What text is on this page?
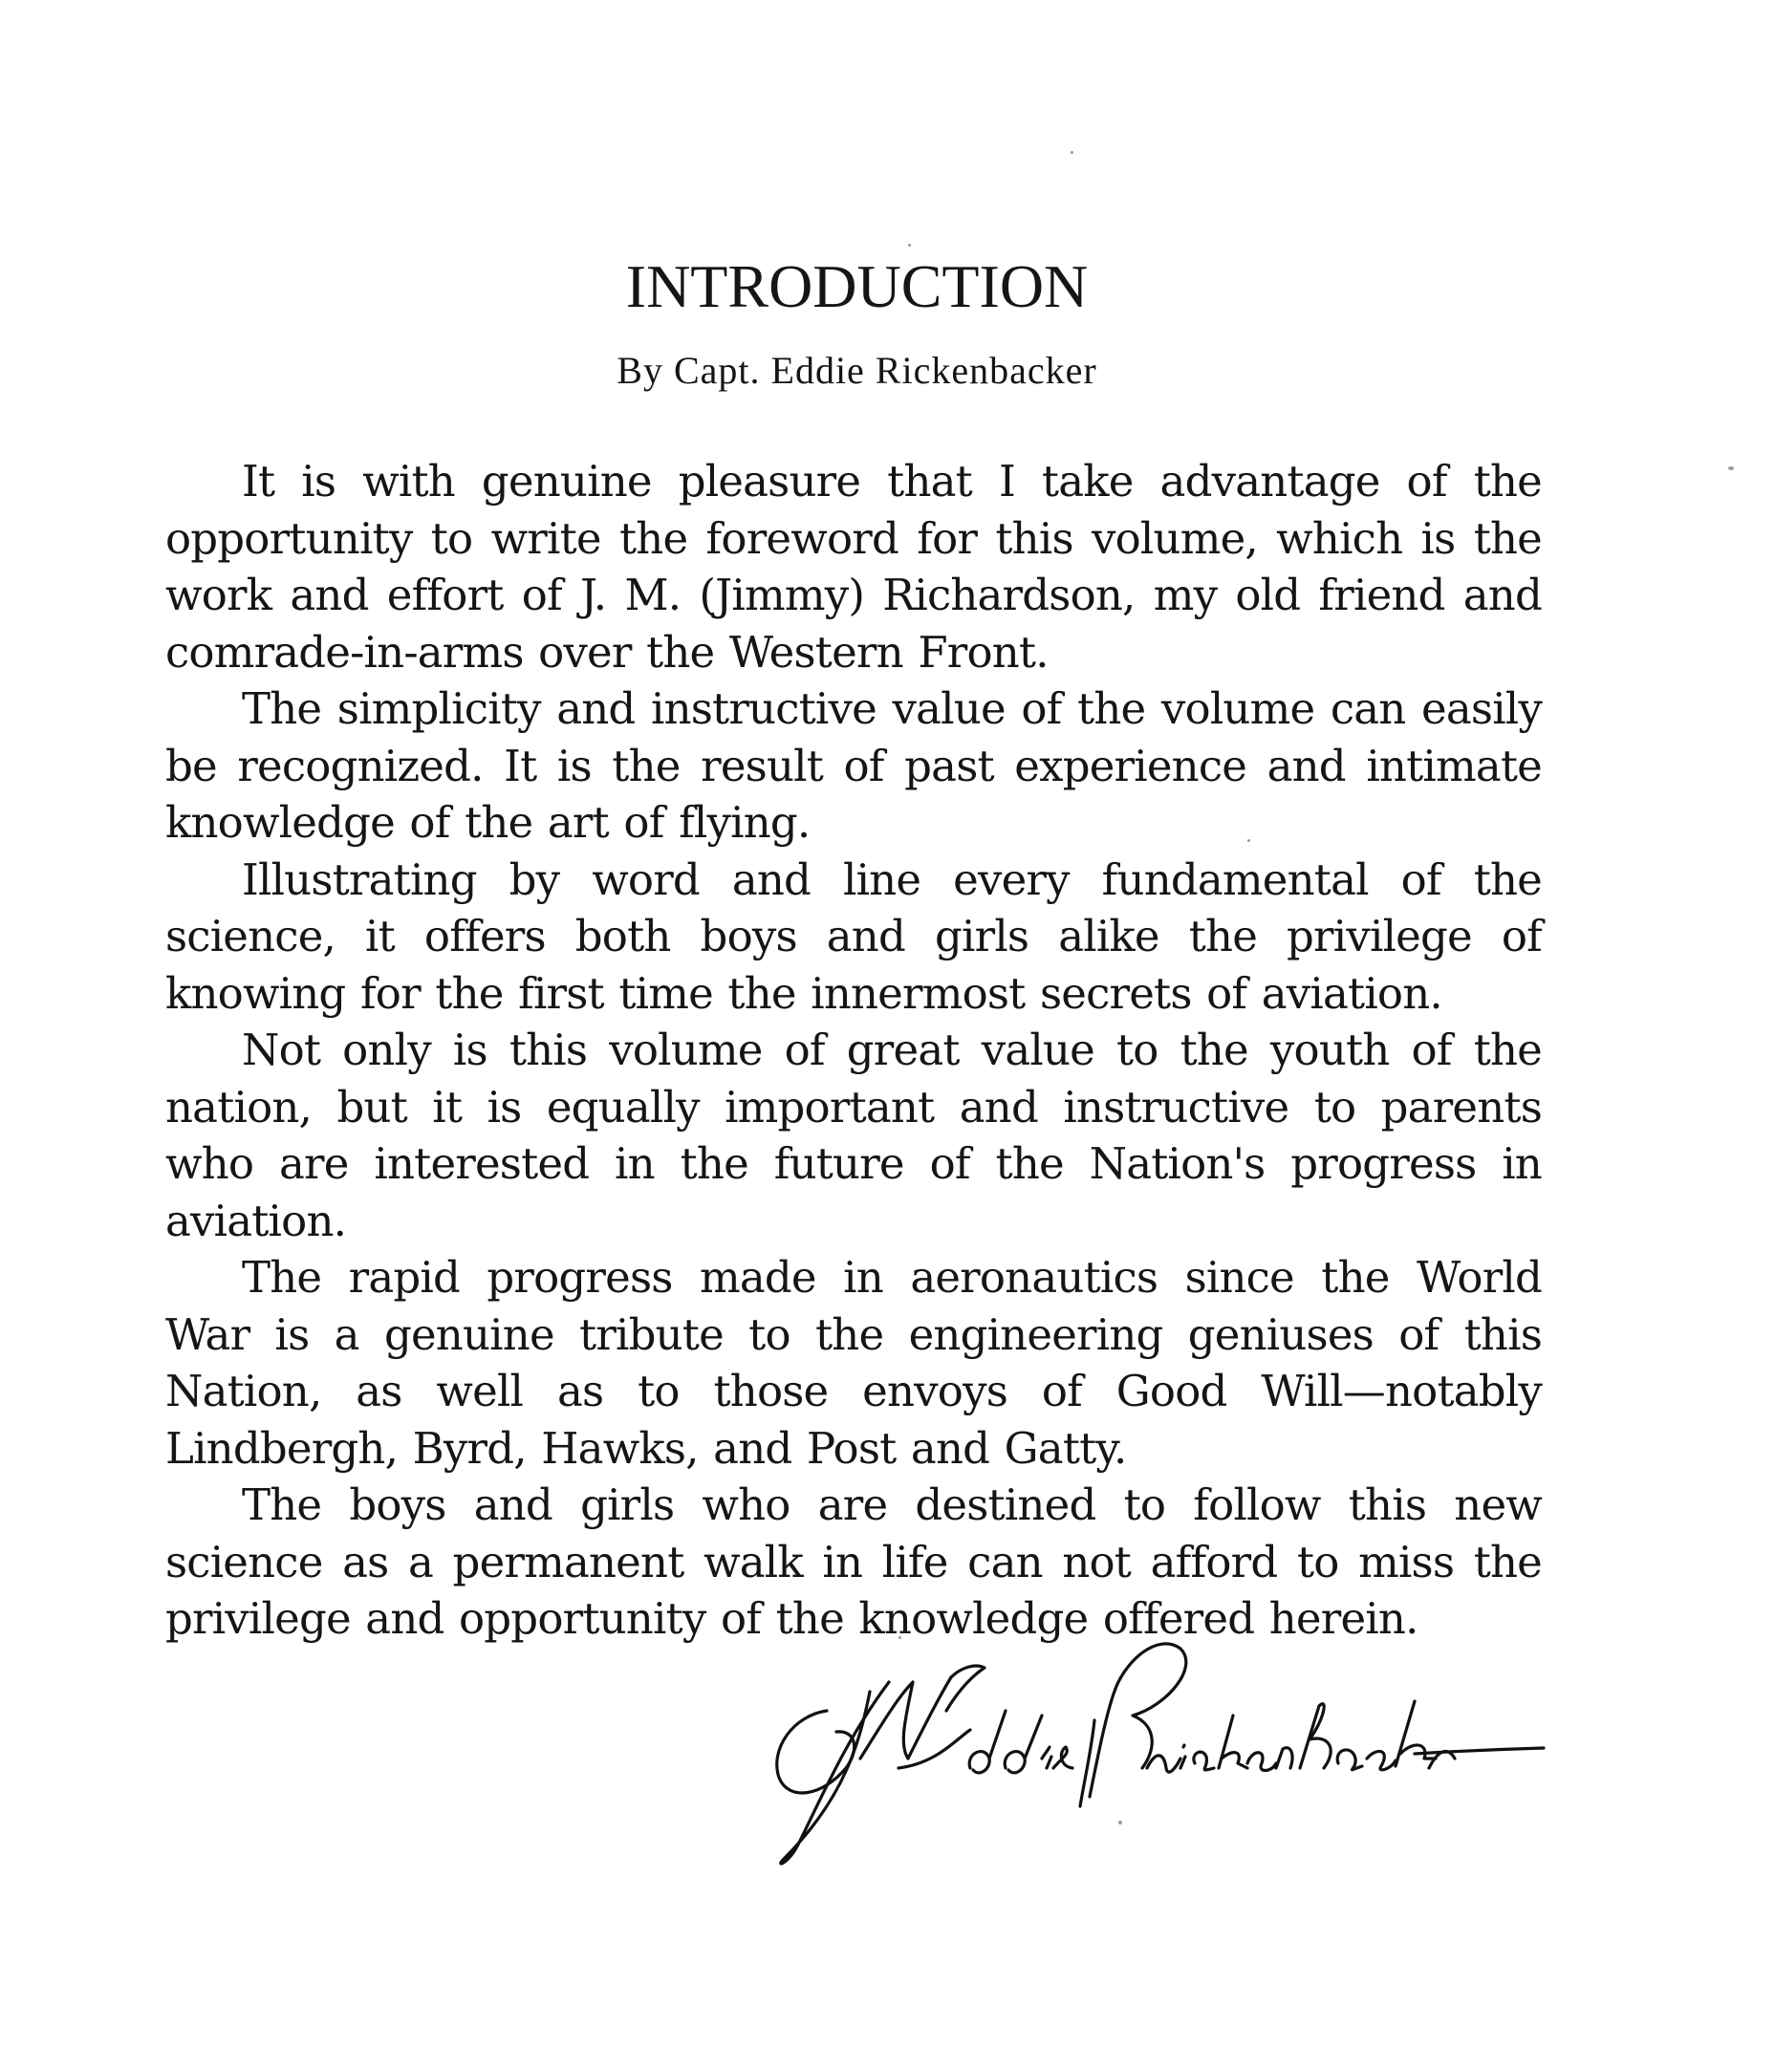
INTRODUCTION
By Capt. Eddie Rickenbacker

It is with genuine pleasure that I take advantage of the opportunity to write the foreword for this volume, which is the work and effort of J. M. (Jimmy) Richardson, my old friend and comrade-in-arms over the Western Front.

The simplicity and instructive value of the volume can easily be recognized. It is the result of past experience and intimate knowledge of the art of flying.

Illustrating by word and line every fundamental of the science, it offers both boys and girls alike the privilege of knowing for the first time the innermost secrets of aviation.

Not only is this volume of great value to the youth of the nation, but it is equally important and instructive to parents who are interested in the future of the Nation's progress in aviation.

The rapid progress made in aeronautics since the World War is a genuine tribute to the engineering geniuses of this Nation, as well as to those envoys of Good Will—notably Lindbergh, Byrd, Hawks, and Post and Gatty.

The boys and girls who are destined to follow this new science as a permanent walk in life can not afford to miss the privilege and opportunity of the knowledge offered herein.
